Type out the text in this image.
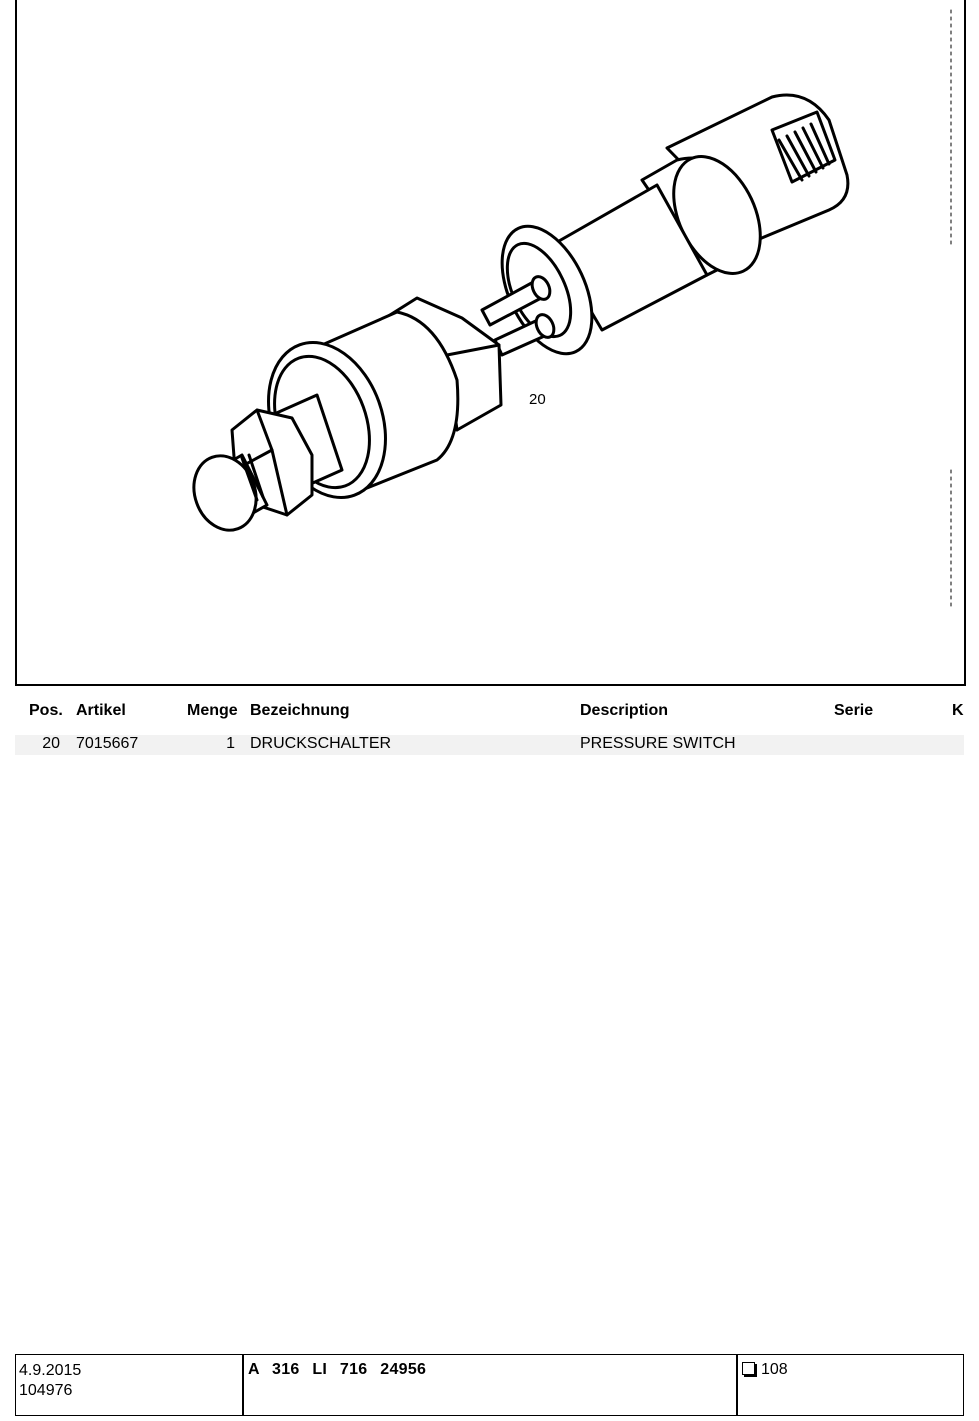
20
Pos. Artikel	Menge Bezeichnung	Description	Serie	K
20 7015667	1 DRUCKSCHALTER	PRESSURE SWITCH
4.9.2015
104976
A 316 LI 716 24956	108
